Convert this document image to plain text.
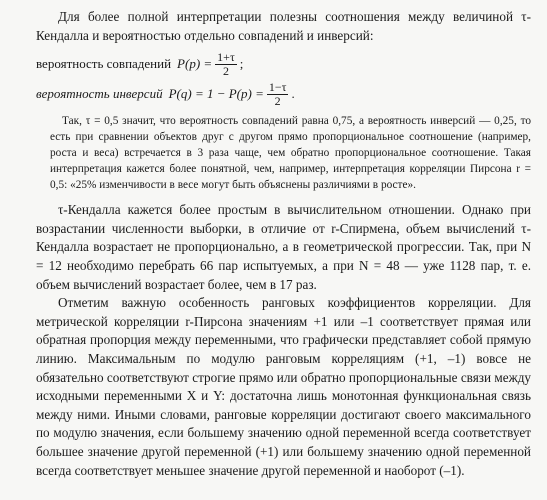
Для более полной интерпретации полезны соотношения между величиной τ-Кендалла и вероятностью отдельно совпадений и инверсий:

вероятность совпадений $P(p) = \frac{1+\tau}{2}$ ;
вероятность инверсий $P(q) = 1 - P(p) = \frac{1-\tau}{2}$ .

Так, τ = 0,5 значит, что вероятность совпадений равна 0,75, а вероятность инверсий — 0,25, то есть при сравнении объектов друг с другом прямо пропорциональное соотношение (например, роста и веса) встречается в 3 раза чаще, чем обратно пропорциональное соотношение. Такая интерпретация кажется более понятной, чем, например, интерпретация корреляции Пирсона r = 0,5: «25% изменчивости в весе могут быть объяснены различиями в росте».

τ-Кендалла кажется более простым в вычислительном отношении. Однако при возрастании численности выборки, в отличие от r-Спирмена, объем вычислений τ-Кендалла возрастает не пропорционально, а в геометрической прогрессии. Так, при N = 12 необходимо перебрать 66 пар испытуемых, а при N = 48 — уже 1128 пар, т. е. объем вычислений возрастает более, чем в 17 раз.

Отметим важную особенность ранговых коэффициентов корреляции. Для метрической корреляции r-Пирсона значениям +1 или –1 соответствует прямая или обратная пропорция между переменными, что графически представляет собой прямую линию. Максимальным по модулю ранговым корреляциям (+1, –1) вовсе не обязательно соответствуют строгие прямо или обратно пропорциональные связи между исходными переменными X и Y: достаточна лишь монотонная функциональная связь между ними. Иными словами, ранговые корреляции достигают своего максимального по модулю значения, если большему значению одной переменной всегда соответствует большее значение другой переменной (+1) или большему значению одной переменной всегда соответствует меньшее значение другой переменной и наоборот (–1).
